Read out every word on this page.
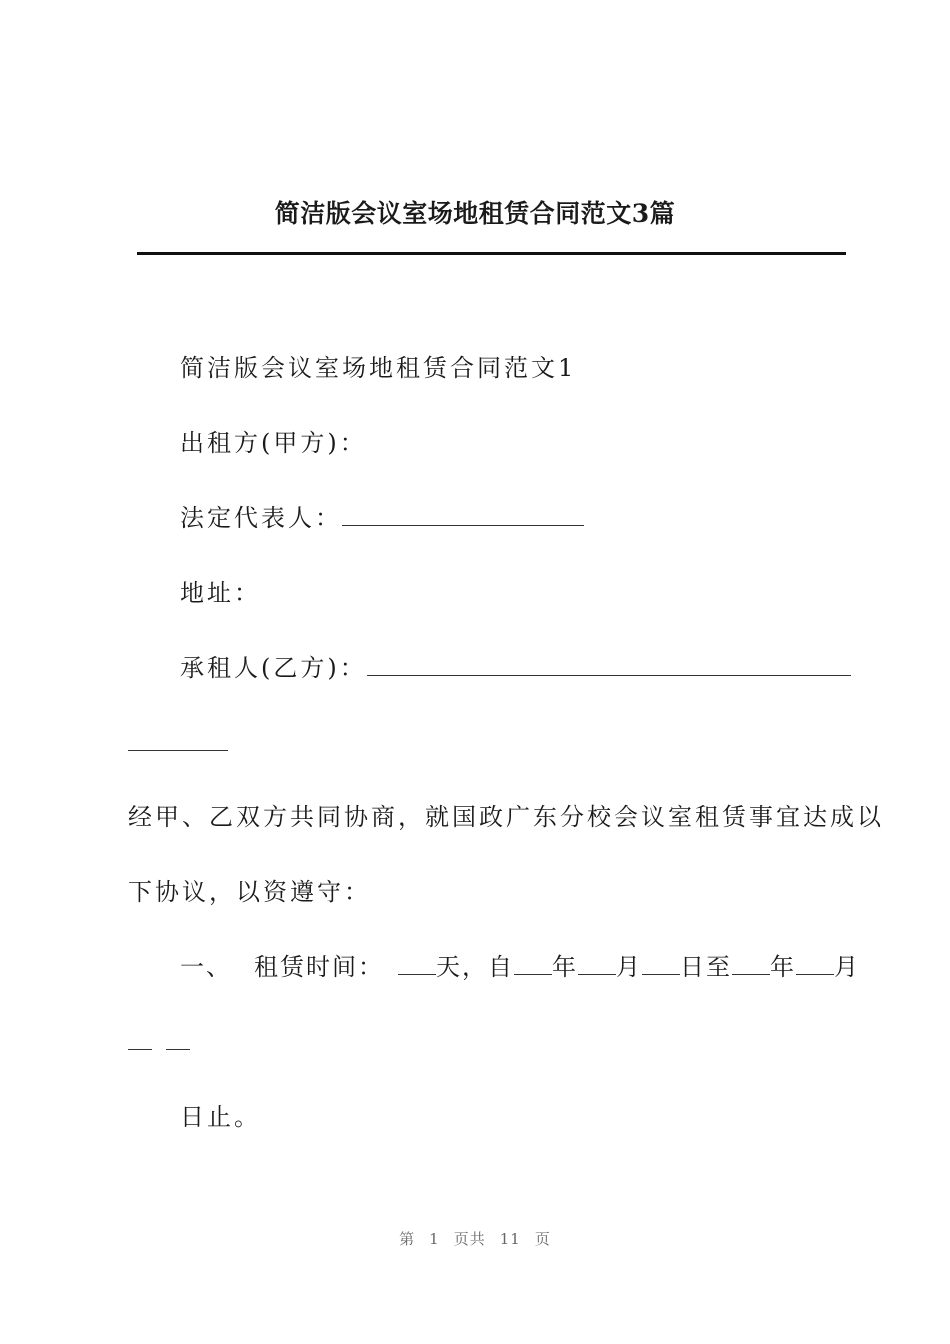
简洁版会议室场地租赁合同范文3篇
简洁版会议室场地租赁合同范文1
出租方(甲方)：
法定代表人：
地址：
承租人(乙方)：
经甲、乙双方共同协商，就国政广东分校会议室租赁事宜达成以
下协议，以资遵守：
一、 租赁时间： 天，自 年 月 日至 年 月
日止。
第 1 页共 11 页
